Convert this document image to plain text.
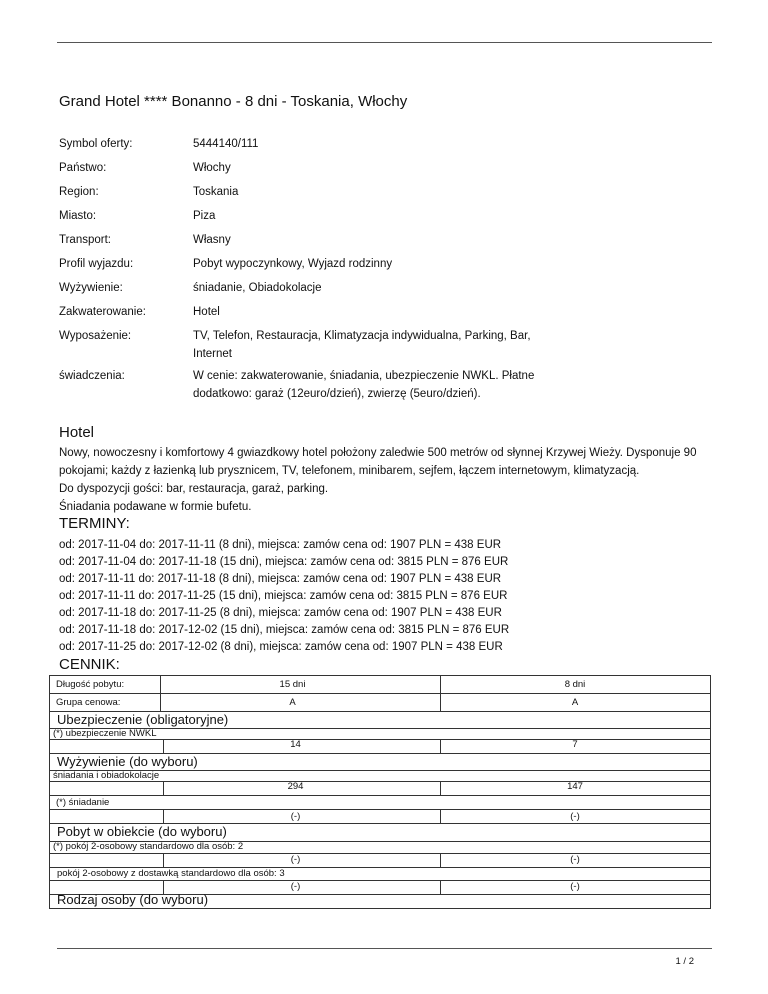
Grand Hotel **** Bonanno - 8 dni - Toskania, Włochy
Symbol oferty:	5444140/111
Państwo:	Włochy
Region:	Toskania
Miasto:	Piza
Transport:	Własny
Profil wyjazdu:	Pobyt wypoczynkowy, Wyjazd rodzinny
Wyżywienie:	śniadanie, Obiadokolacje
Zakwaterowanie:	Hotel
Wyposażenie:	TV, Telefon, Restauracja, Klimatyzacja indywidualna, Parking, Bar, Internet
świadczenia:	W cenie: zakwaterowanie, śniadania, ubezpieczenie NWKL. Płatne dodatkowo: garaż (12euro/dzień), zwierzę (5euro/dzień).
Hotel
Nowy, nowoczesny i komfortowy 4 gwiazdkowy hotel położony zaledwie 500 metrów od słynnej Krzywej Wieży. Dysponuje 90 pokojami; każdy z łazienką lub prysznicem, TV, telefonem, minibarem, sejfem, łączem internetowym, klimatyzacją.
Do dyspozycji gości: bar, restauracja, garaż, parking.
Śniadania podawane w formie bufetu.
TERMINY:
od: 2017-11-04 do: 2017-11-11 (8 dni), miejsca: zamów cena od: 1907 PLN = 438 EUR
od: 2017-11-04 do: 2017-11-18 (15 dni), miejsca: zamów cena od: 3815 PLN = 876 EUR
od: 2017-11-11 do: 2017-11-18 (8 dni), miejsca: zamów cena od: 1907 PLN = 438 EUR
od: 2017-11-11 do: 2017-11-25 (15 dni), miejsca: zamów cena od: 3815 PLN = 876 EUR
od: 2017-11-18 do: 2017-11-25 (8 dni), miejsca: zamów cena od: 1907 PLN = 438 EUR
od: 2017-11-18 do: 2017-12-02 (15 dni), miejsca: zamów cena od: 3815 PLN = 876 EUR
od: 2017-11-25 do: 2017-12-02 (8 dni), miejsca: zamów cena od: 1907 PLN = 438 EUR
CENNIK:
Długość pobytu:	15 dni	8 dni
Grupa cenowa:	A	A
Ubezpieczenie (obligatoryjne)
(*) ubezpieczenie NWKL
14	7
Wyżywienie (do wyboru)
śniadania i obiadokolacje
294	147
(*) śniadanie
(-)	(-)
Pobyt w obiekcie (do wyboru)
(*) pokój 2-osobowy standardowo dla osób: 2
(-)	(-)
pokój 2-osobowy z dostawką standardowo dla osób: 3
(-)	(-)
Rodzaj osoby (do wyboru)
1 / 2
